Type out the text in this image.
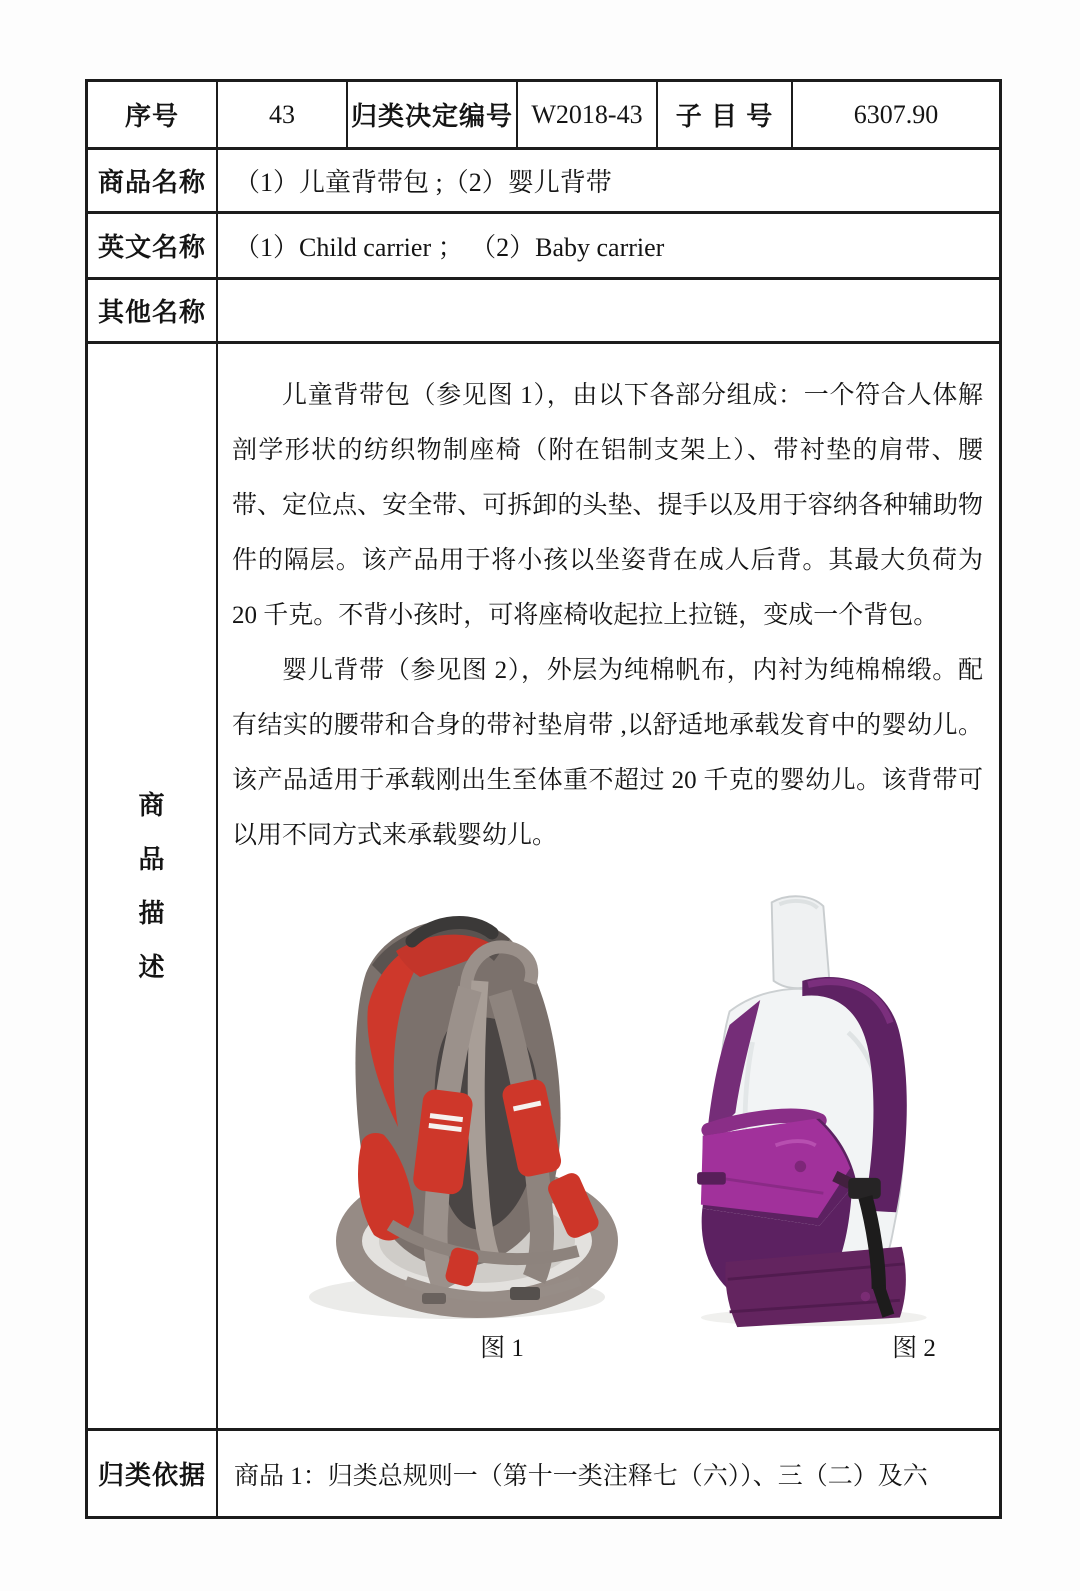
序号	43	归类决定编号 W2018-43	子 目 号	6307.90
商品名称	（1）儿童背带包 ;（2）婴儿背带
英文名称	（1）Child carrier ； （2）Baby carrier
其他名称
商
品
描
述

儿童背带包（参见图 1），由以下各部分组成：一个符合人体解剖学形状的纺织物制座椅（附在铝制支架上）、带衬垫的肩带、腰带、定位点、安全带、可拆卸的头垫、提手以及用于容纳各种辅助物件的隔层。该产品用于将小孩以坐姿背在成人后背。其最大负荷为 20 千克。不背小孩时，可将座椅收起拉上拉链，变成一个背包。

婴儿背带（参见图 2），外层为纯棉帆布，内衬为纯棉棉缎。配有结实的腰带和合身的带衬垫肩带 ,以舒适地承载发育中的婴幼儿。该产品适用于承载刚出生至体重不超过 20 千克的婴幼儿。该背带可以用不同方式来承载婴幼儿。

图 1	图 2
归类依据	商品 1：归类总规则一（第十一类注释七（六））、三（二）及六
